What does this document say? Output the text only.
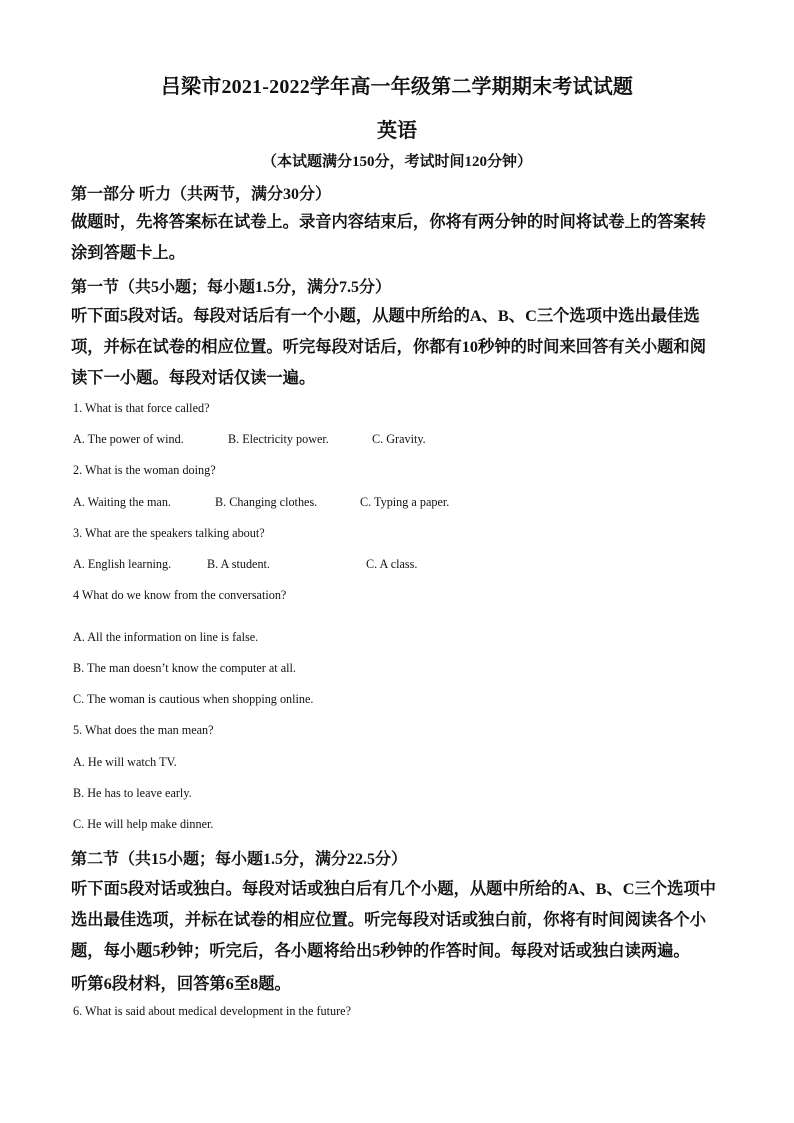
吕梁市2021-2022学年高一年级第二学期期末考试试题
英语
（本试题满分150分，考试时间120分钟）
第一部分 听力（共两节，满分30分）
做题时，先将答案标在试卷上。录音内容结束后，你将有两分钟的时间将试卷上的答案转涂到答题卡上。
第一节（共5小题；每小题1.5分，满分7.5分）
听下面5段对话。每段对话后有一个小题，从题中所给的A、B、C三个选项中选出最佳选项，并标在试卷的相应位置。听完每段对话后，你都有10秒钟的时间来回答有关小题和阅读下一小题。每段对话仅读一遍。
1. What is that force called?
A. The power of wind.	B. Electricity power.	C. Gravity.
2. What is the woman doing?
A. Waiting the man.	B. Changing clothes.	C. Typing a paper.
3. What are the speakers talking about?
A. English learning.	B. A student.	C. A class.
4 What do we know from the conversation?
A. All the information on line is false.
B. The man doesn’t know the computer at all.
C. The woman is cautious when shopping online.
5. What does the man mean?
A. He will watch TV.
B. He has to leave early.
C. He will help make dinner.
第二节（共15小题；每小题1.5分，满分22.5分）
听下面5段对话或独白。每段对话或独白后有几个小题，从题中所给的A、B、C三个选项中选出最佳选项，并标在试卷的相应位置。听完每段对话或独白前，你将有时间阅读各个小题，每小题5秒钟；听完后，各小题将给出5秒钟的作答时间。每段对话或独白读两遍。
听第6段材料，回答第6至8题。
6. What is said about medical development in the future?
